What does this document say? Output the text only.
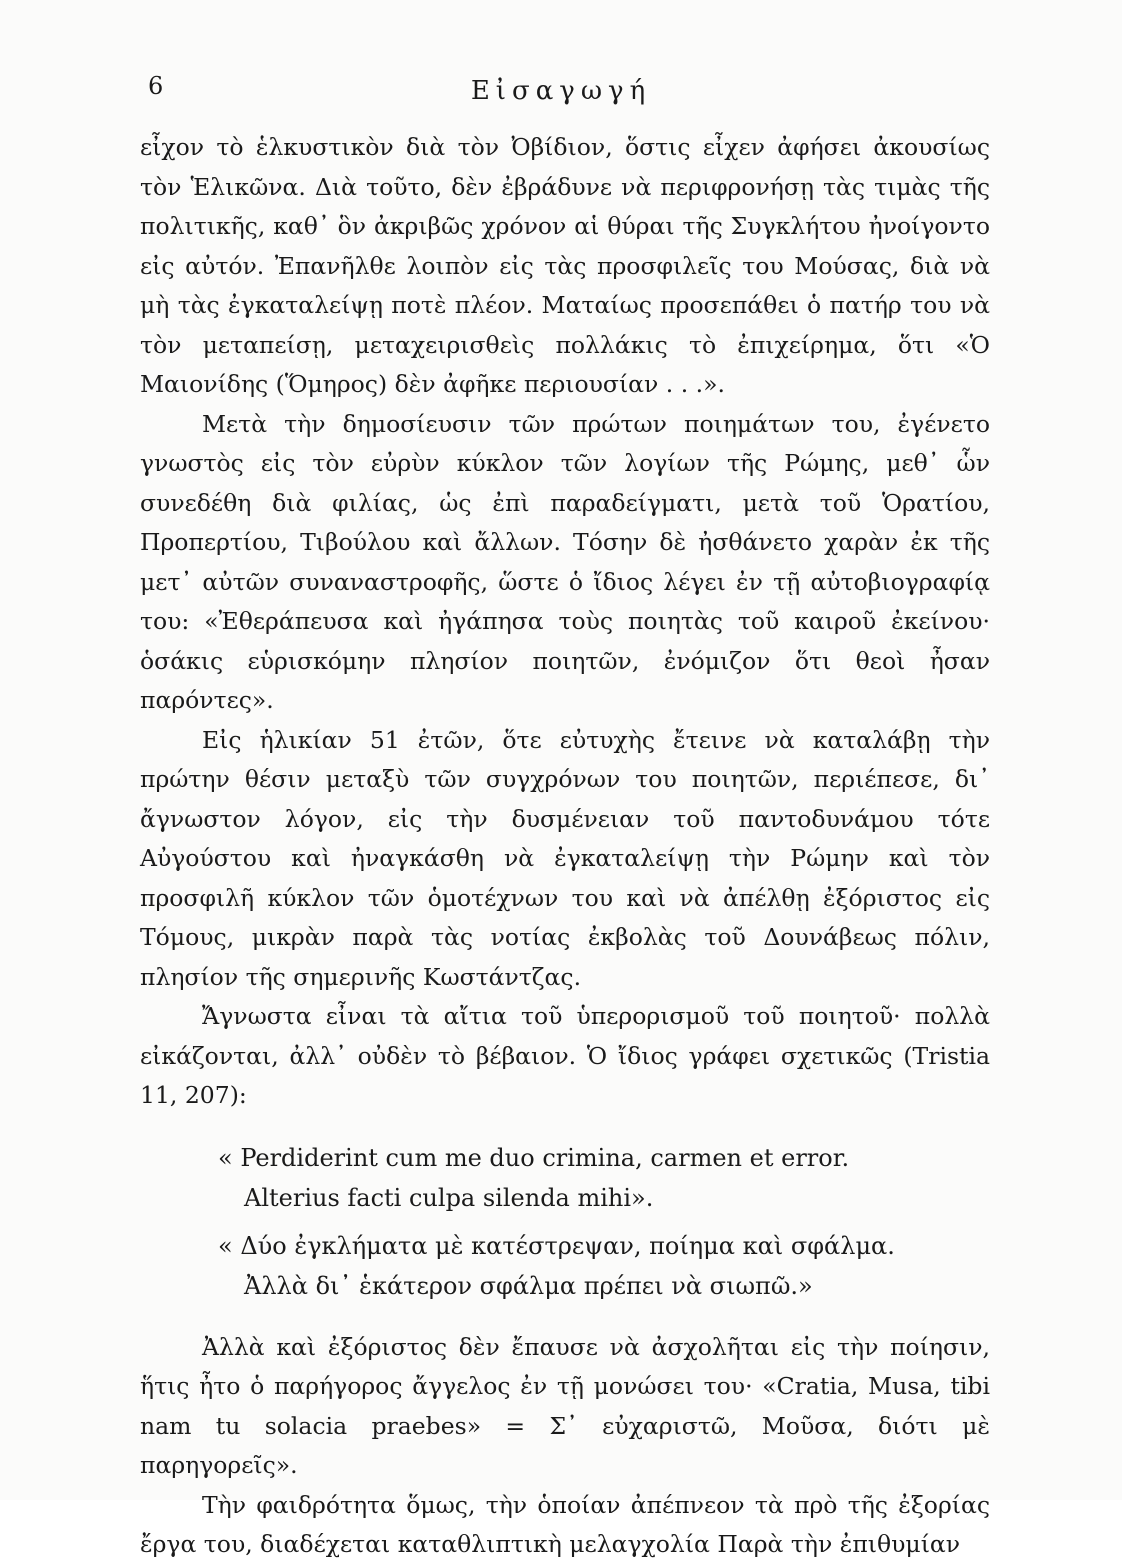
6	Εἰσαγωγή

εἶχον τὸ ἑλκυστικὸν διὰ τὸν Ὀβίδιον, ὅστις εἶχεν ἀφήσει ἀκουσίως τὸν Ἑλικῶνα. Διὰ τοῦτο, δὲν ἐβράδυνε νὰ περιφρονήσῃ τὰς τιμὰς τῆς πολιτικῆς, καθ᾽ ὃν ἀκριβῶς χρόνον αἱ θύραι τῆς Συγκλήτου ἠνοίγοντο εἰς αὐτόν. Ἐπανῆλθε λοιπὸν εἰς τὰς προσφιλεῖς του Μούσας, διὰ νὰ μὴ τὰς ἐγκαταλείψῃ ποτὲ πλέον. Ματαίως προσεπάθει ὁ πατήρ του νὰ τὸν μεταπείσῃ, μεταχειρισθεὶς πολλάκις τὸ ἐπιχείρημα, ὅτι «Ὁ Μαιονίδης (Ὅμηρος) δὲν ἀφῆκε περιουσίαν . . .».

Μετὰ τὴν δημοσίευσιν τῶν πρώτων ποιημάτων του, ἐγένετο γνωστὸς εἰς τὸν εὐρὺν κύκλον τῶν λογίων τῆς Ρώμης, μεθ᾽ ὧν συνεδέθη διὰ φιλίας, ὡς ἐπὶ παραδείγματι, μετὰ τοῦ Ὁρατίου, Προπερτίου, Τιβούλου καὶ ἄλλων. Τόσην δὲ ἠσθάνετο χαρὰν ἐκ τῆς μετ᾽ αὐτῶν συναναστροφῆς, ὥστε ὁ ἴδιος λέγει ἐν τῇ αὐτοβιογραφίᾳ του: «Ἐθεράπευσα καὶ ἠγάπησα τοὺς ποιητὰς τοῦ καιροῦ ἐκείνου· ὁσάκις εὑρισκόμην πλησίον ποιητῶν, ἐνόμιζον ὅτι θεοὶ ἦσαν παρόντες».

Εἰς ἡλικίαν 51 ἐτῶν, ὅτε εὐτυχὴς ἔτεινε νὰ καταλάβῃ τὴν πρώτην θέσιν μεταξὺ τῶν συγχρόνων του ποιητῶν, περιέπεσε, δι᾽ ἄγνωστον λόγον, εἰς τὴν δυσμένειαν τοῦ παντοδυνάμου τότε Αὐγούστου καὶ ἠναγκάσθη νὰ ἐγκαταλείψῃ τὴν Ρώμην καὶ τὸν προσφιλῆ κύκλον τῶν ὁμοτέχνων του καὶ νὰ ἀπέλθῃ ἐξόριστος εἰς Τόμους, μικρὰν παρὰ τὰς νοτίας ἐκβολὰς τοῦ Δουνάβεως πόλιν, πλησίον τῆς σημερινῆς Κωστάντζας.

Ἄγνωστα εἶναι τὰ αἴτια τοῦ ὑπερορισμοῦ τοῦ ποιητοῦ· πολλὰ εἰκάζονται, ἀλλ᾽ οὐδὲν τὸ βέβαιον. Ὁ ἴδιος γράφει σχετικῶς (Tristia 11, 207):

« Perdiderint cum me duo crimina, carmen et error.
Alterius facti culpa silenda mihi».
« Δύο ἐγκλήματα μὲ κατέστρεψαν, ποίημα καὶ σφάλμα.
Ἀλλὰ δι᾽ ἑκάτερον σφάλμα πρέπει νὰ σιωπῶ.»

Ἀλλὰ καὶ ἐξόριστος δὲν ἔπαυσε νὰ ἀσχολῆται εἰς τὴν ποίησιν, ἥτις ἦτο ὁ παρήγορος ἄγγελος ἐν τῇ μονώσει του· «Cratia, Musa, tibi nam tu solacia praebes» = Σ᾽ εὐχαριστῶ, Μοῦσα, διότι μὲ παρηγορεῖς».

Τὴν φαιδρότητα ὅμως, τὴν ὁποίαν ἀπέπνεον τὰ πρὸ τῆς ἐξορίας ἔργα του, διαδέχεται καταθλιπτικὴ μελαγχολία Παρὰ τὴν ἐπιθυμίαν
